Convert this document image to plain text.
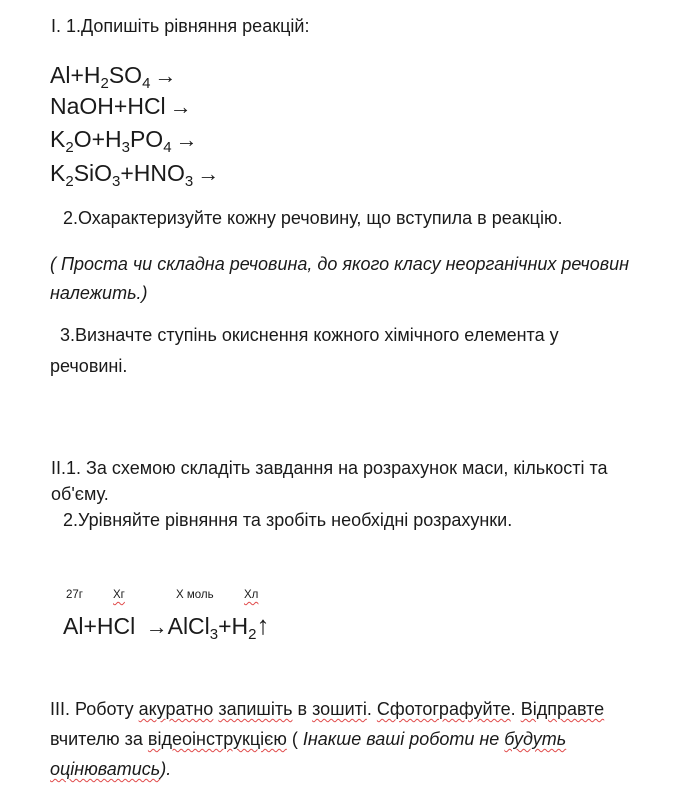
I. 1.Допишіть рівняння реакцій:
$Al+H_2SO_4$ →
NaOH+HCl →
$K_2O+H_3PO_4$ →
$K_2SiO_3+HNO_3$ →
2.Охарактеризуйте кожну речовину, що вступила в реакцію.
( Проста чи складна речовина, до якого класу неорганічних речовин
належить.)
3.Визначте ступінь окиснення кожного хімічного елемента у
речовині.
ІІ.1. За схемою складіть завдання на розрахунок маси, кількості та
об'єму.
2.Урівняйте рівняння та зробіть необхідні розрахунки.
27г	Хг	Х моль	Хл
$Al+HCl \to AlCl_3+H_2↑$
ІІІ. Роботу акуратно запишіть в зошиті. Сфотографуйте. Відправте
вчителю за відеоінструкцією ( Інакше ваші роботи не будуть
оцінюватись).
